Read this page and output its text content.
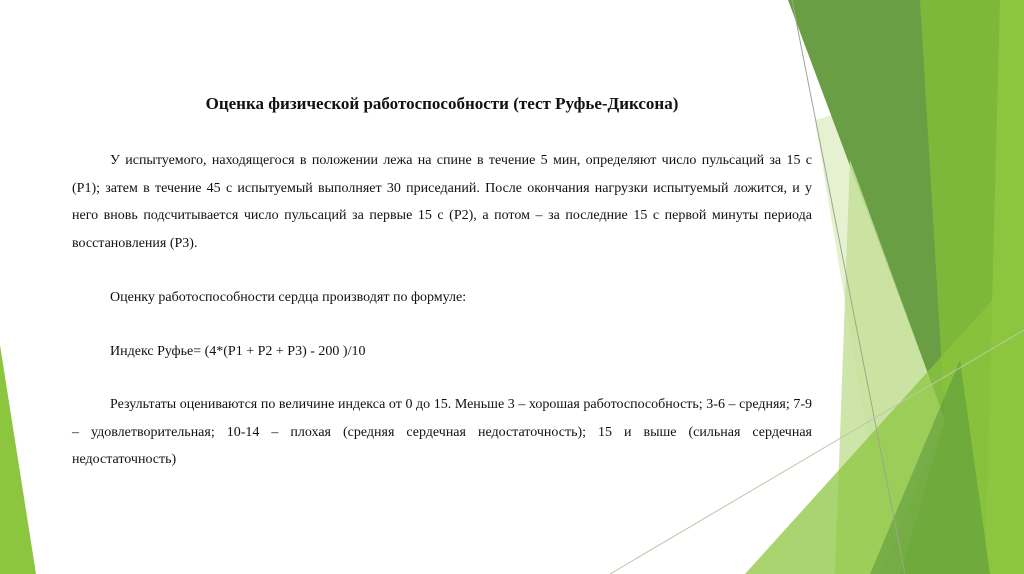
Оценка физической работоспособности (тест Руфье-Диксона)

У испытуемого, находящегося в положении лежа на спине в течение 5 мин, определяют число пульсаций за 15 с (Р1); затем в течение 45 с испытуемый выполняет 30 приседаний. После окончания нагрузки испытуемый ложится, и у него вновь подсчитывается число пульсаций за первые 15 с (Р2), а потом – за последние 15 с первой минуты периода восстановления (Р3).

Оценку работоспособности сердца производят по формуле:

Индекс Руфье= (4*(Р1 + Р2 + Р3) - 200 )/10

Результаты оцениваются по величине индекса от 0 до 15. Меньше 3 – хорошая работоспособность; 3-6 – средняя; 7-9 – удовлетворительная; 10-14 – плохая (средняя сердечная недостаточность); 15 и выше (сильная сердечная недостаточность)
